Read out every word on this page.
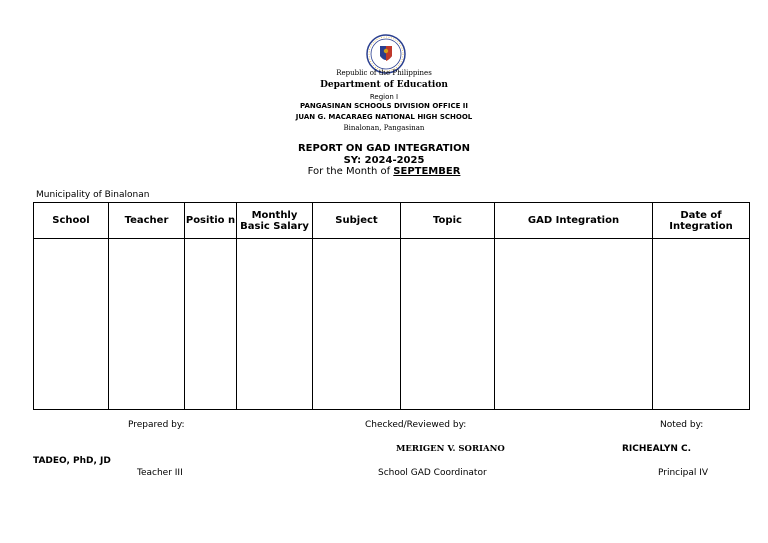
Republic of the Philippines
Department of Education
Region I
PANGASINAN SCHOOLS DIVISION OFFICE II
JUAN G. MACARAEG NATIONAL HIGH SCHOOL
Binalonan, Pangasinan
REPORT ON GAD INTEGRATION
SY: 2024-2025
For the Month of SEPTEMBER
Municipality of Binalonan
School	Teacher	Positio n	Monthly Basic Salary	Subject	Topic	GAD Integration	Date of Integration

Prepared by:	Checked/Reviewed by:	Noted by:
MERIGEN V. SORIANO	RICHEALYN C.
TADEO, PhD, JD
Teacher III	School GAD Coordinator	Principal IV
